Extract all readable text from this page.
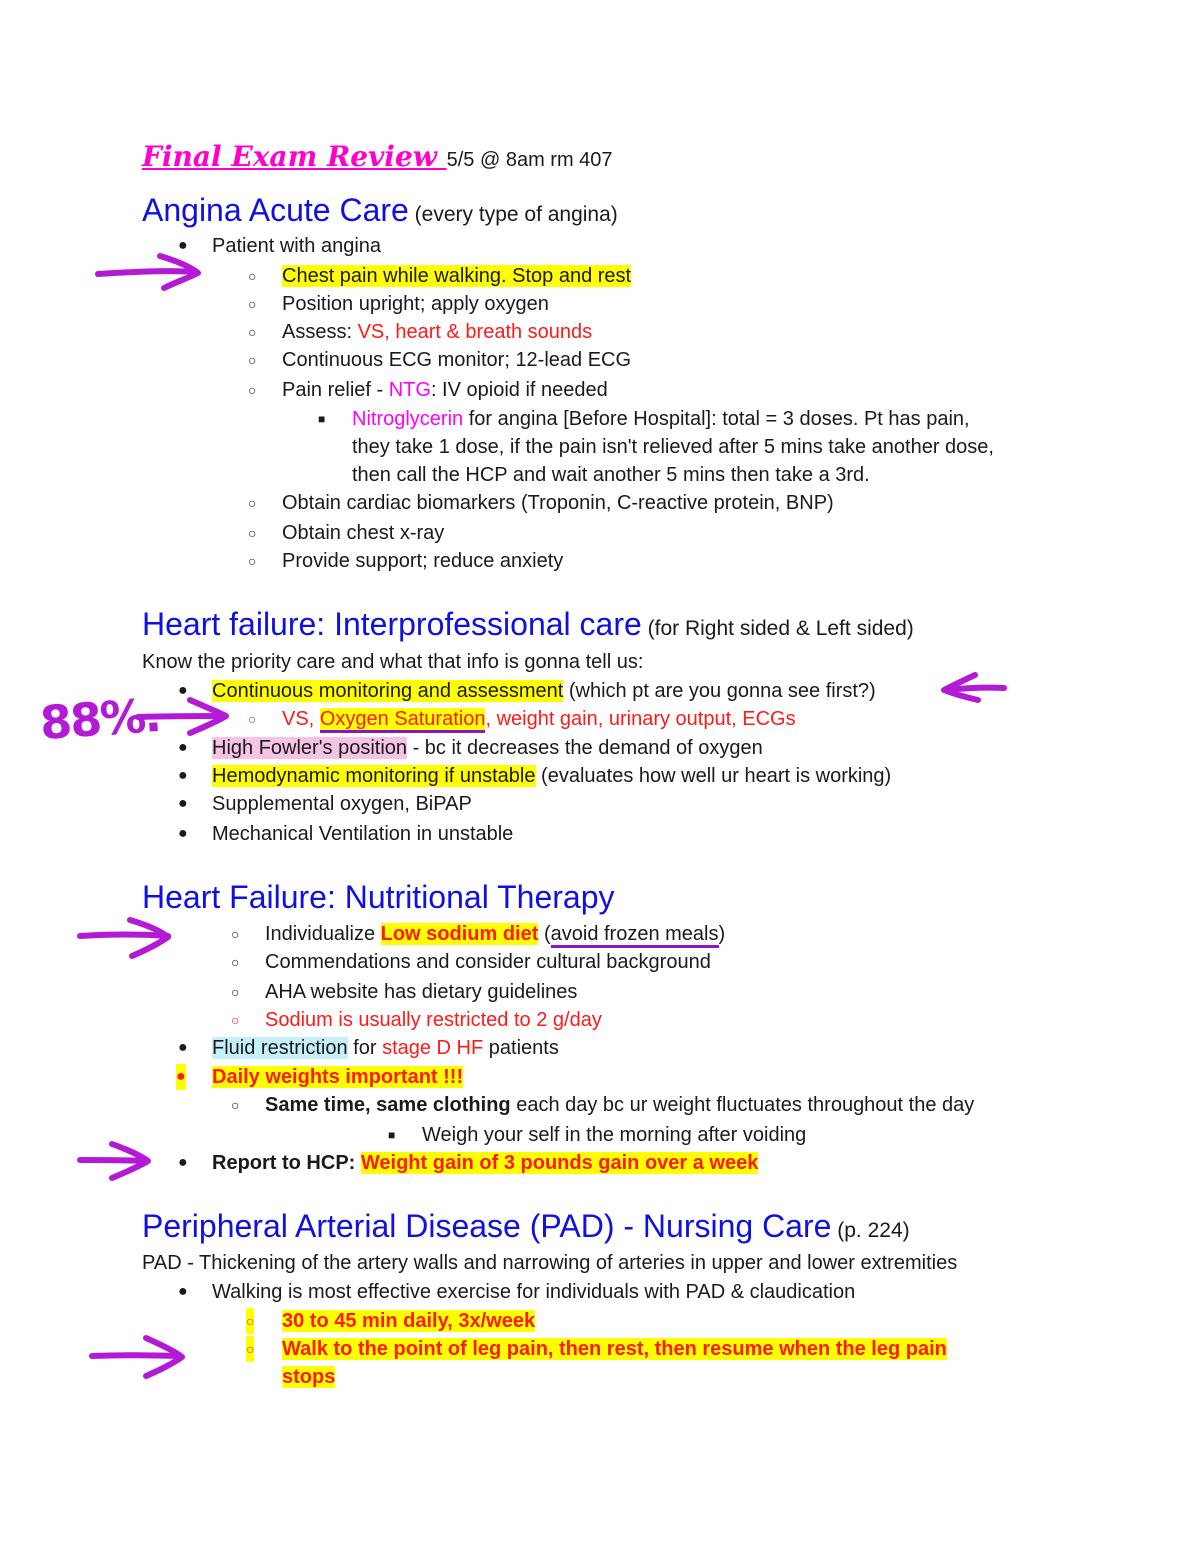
Final Exam Review 5/5 @ 8am rm 407
Angina Acute Care (every type of angina)
● Patient with angina
○ Chest pain while walking. Stop and rest
○ Position upright; apply oxygen
○ Assess: VS, heart & breath sounds
○ Continuous ECG monitor; 12-lead ECG
○ Pain relief - NTG: IV opioid if needed
■ Nitroglycerin for angina [Before Hospital]: total = 3 doses. Pt has pain,
they take 1 dose, if the pain isn't relieved after 5 mins take another dose,
then call the HCP and wait another 5 mins then take a 3rd.
○ Obtain cardiac biomarkers (Troponin, C-reactive protein, BNP)
○ Obtain chest x-ray
○ Provide support; reduce anxiety
Heart failure: Interprofessional care (for Right sided & Left sided)
Know the priority care and what that info is gonna tell us:
● Continuous monitoring and assessment (which pt are you gonna see first?)
○ VS, Oxygen Saturation, weight gain, urinary output, ECGs
● High Fowler's position - bc it decreases the demand of oxygen
● Hemodynamic monitoring if unstable (evaluates how well ur heart is working)
● Supplemental oxygen, BiPAP
● Mechanical Ventilation in unstable
88%.
Heart Failure: Nutritional Therapy
○ Individualize Low sodium diet (avoid frozen meals)
○ Commendations and consider cultural background
○ AHA website has dietary guidelines
○ Sodium is usually restricted to 2 g/day
● Fluid restriction for stage D HF patients
● Daily weights important !!!
○ Same time, same clothing each day bc ur weight fluctuates throughout the day
■ Weigh your self in the morning after voiding
● Report to HCP: Weight gain of 3 pounds gain over a week
Peripheral Arterial Disease (PAD) - Nursing Care (p. 224)
PAD - Thickening of the artery walls and narrowing of arteries in upper and lower extremities
● Walking is most effective exercise for individuals with PAD & claudication
○ 30 to 45 min daily, 3x/week
○ Walk to the point of leg pain, then rest, then resume when the leg pain
stops
